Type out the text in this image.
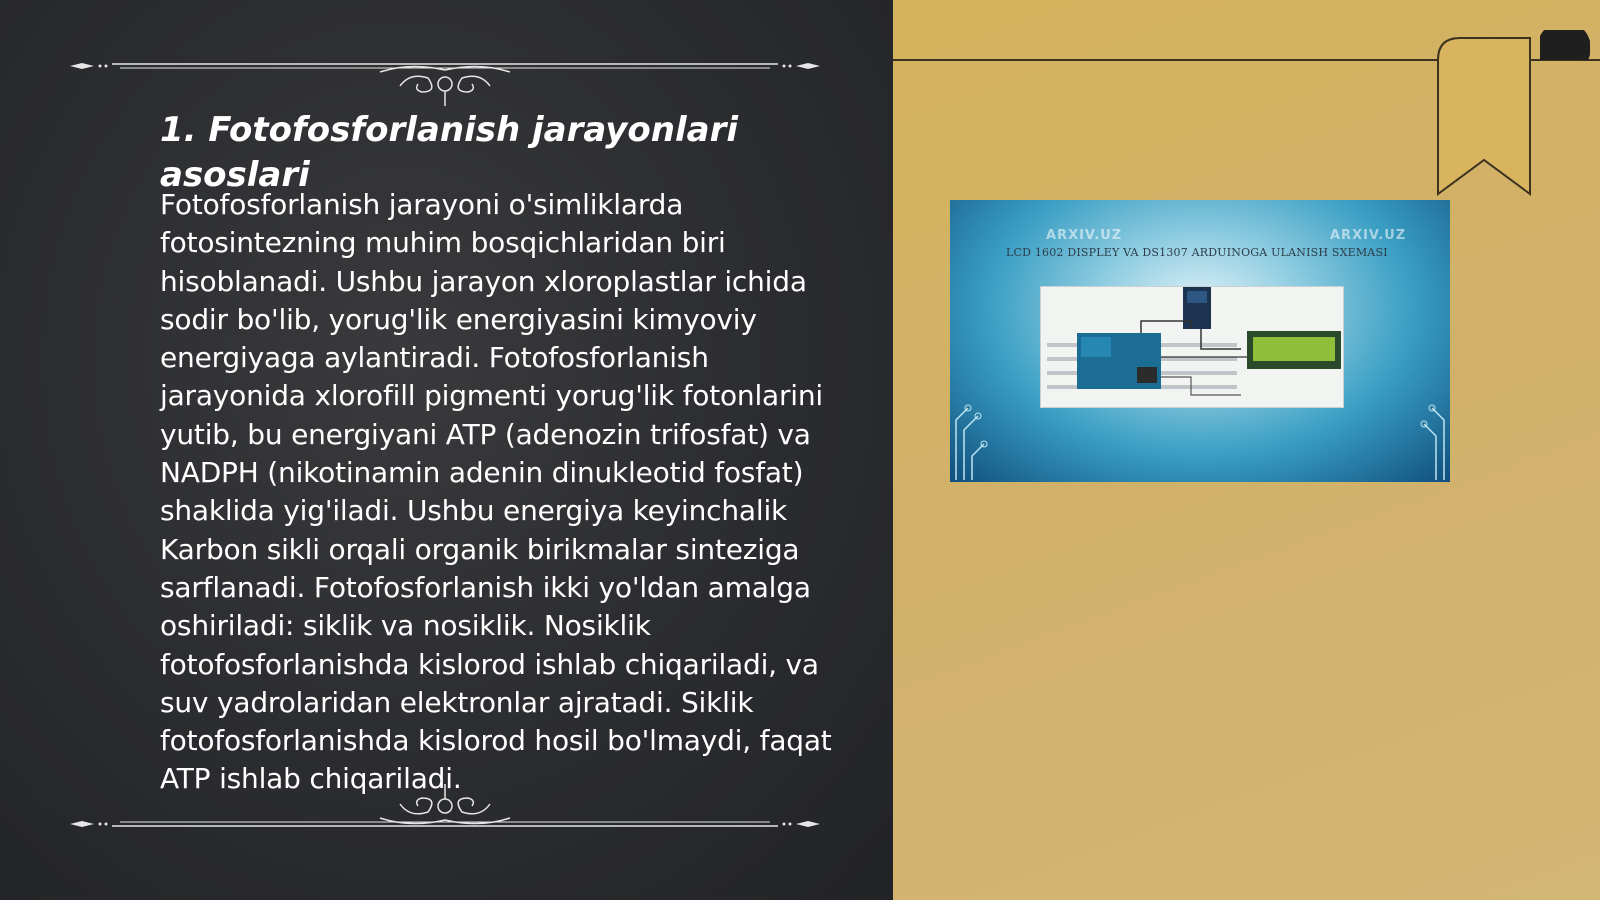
1. Fotofosforlanish jarayonlari asoslari

Fotofosforlanish jarayoni o'simliklarda fotosintezning muhim bosqichlaridan biri hisoblanadi. Ushbu jarayon xloroplastlar ichida sodir bo'lib, yorug'lik energiyasini kimyoviy energiyaga aylantiradi. Fotofosforlanish jarayonida xlorofill pigmenti yorug'lik fotonlarini yutib, bu energiyani ATP (adenozin trifosfat) va NADPH (nikotinamin adenin dinukleotid fosfat) shaklida yig'iladi. Ushbu energiya keyinchalik Karbon sikli orqali organik birikmalar sinteziga sarflanadi. Fotofosforlanish ikki yo'ldan amalga oshiriladi: siklik va nosiklik. Nosiklik fotofosforlanishda kislorod ishlab chiqariladi, va suv yadrolaridan elektronlar ajratadi. Siklik fotofosforlanishda kislorod hosil bo'lmaydi, faqat ATP ishlab chiqariladi.

ARXIV.UZ	ARXIV.UZ
LCD 1602 DISPLEY VA DS1307 ARDUINOGA ULANISH SXEMASI
